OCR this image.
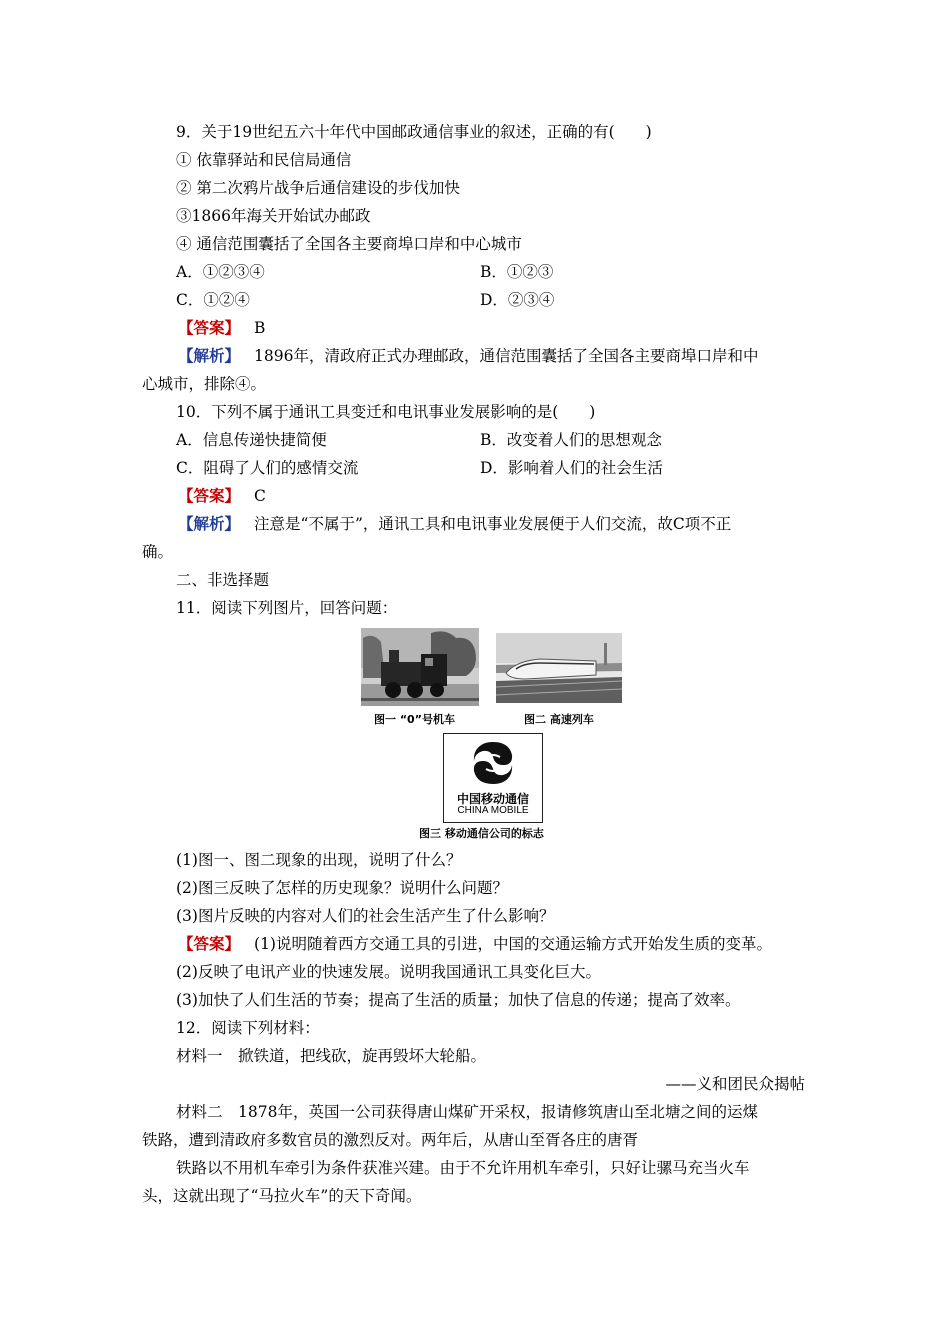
9．关于19世纪五六十年代中国邮政通信事业的叙述，正确的有(　　)
① 依靠驿站和民信局通信
② 第二次鸦片战争后通信建设的步伐加快
③1866年海关开始试办邮政
④ 通信范围囊括了全国各主要商埠口岸和中心城市
A．①②③④	B．①②③
C．①②④	D．②③④
【答案】 B
【解析】 1896年，清政府正式办理邮政，通信范围囊括了全国各主要商埠口岸和中
心城市，排除④。
10．下列不属于通讯工具变迁和电讯事业发展影响的是(　　)
A．信息传递快捷简便	B．改变着人们的思想观念
C．阻碍了人们的感情交流	D．影响着人们的社会生活
【答案】 C
【解析】 注意是“不属于”，通讯工具和电讯事业发展便于人们交流，故C项不正
确。
二、非选择题
11．阅读下列图片，回答问题：
图一 “0”号机车	图二 高速列车
中国移动通信
CHINA MOBILE
图三 移动通信公司的标志
(1)图一、图二现象的出现，说明了什么？
(2)图三反映了怎样的历史现象？说明什么问题？
(3)图片反映的内容对人们的社会生活产生了什么影响？
【答案】 (1)说明随着西方交通工具的引进，中国的交通运输方式开始发生质的变革。
(2)反映了电讯产业的快速发展。说明我国通讯工具变化巨大。
(3)加快了人们生活的节奏；提高了生活的质量；加快了信息的传递；提高了效率。
12．阅读下列材料：
材料一　掀铁道，把线砍，旋再毁坏大轮船。
——义和团民众揭帖
材料二　1878年，英国一公司获得唐山煤矿开采权，报请修筑唐山至北塘之间的运煤
铁路，遭到清政府多数官员的激烈反对。两年后，从唐山至胥各庄的唐胥
铁路以不用机车牵引为条件获准兴建。由于不允许用机车牵引，只好让骡马充当火车
头，这就出现了“马拉火车”的天下奇闻。
